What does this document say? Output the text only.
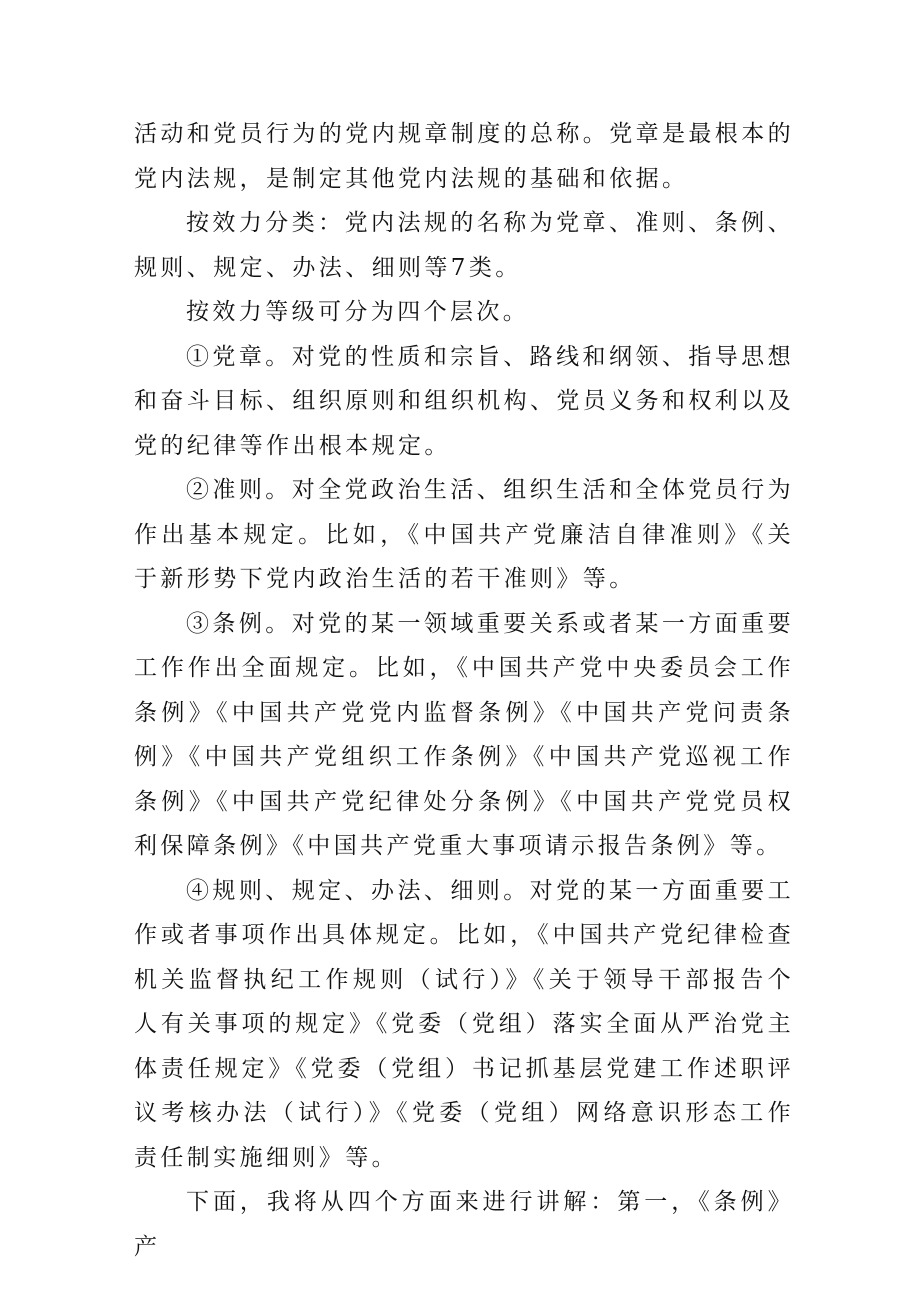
活动和党员行为的党内规章制度的总称。党章是最根本的党内法规，是制定其他党内法规的基础和依据。

按效力分类：党内法规的名称为党章、准则、条例、规则、规定、办法、细则等7类。

按效力等级可分为四个层次。

①党章。对党的性质和宗旨、路线和纲领、指导思想和奋斗目标、组织原则和组织机构、党员义务和权利以及党的纪律等作出根本规定。

②准则。对全党政治生活、组织生活和全体党员行为作出基本规定。比如，《中国共产党廉洁自律准则》《关于新形势下党内政治生活的若干准则》等。

③条例。对党的某一领域重要关系或者某一方面重要工作作出全面规定。比如，《中国共产党中央委员会工作条例》《中国共产党党内监督条例》《中国共产党问责条例》《中国共产党组织工作条例》《中国共产党巡视工作条例》《中国共产党纪律处分条例》《中国共产党党员权利保障条例》《中国共产党重大事项请示报告条例》等。

④规则、规定、办法、细则。对党的某一方面重要工作或者事项作出具体规定。比如，《中国共产党纪律检查机关监督执纪工作规则（试行）》《关于领导干部报告个人有关事项的规定》《党委（党组）落实全面从严治党主体责任规定》《党委（党组）书记抓基层党建工作述职评议考核办法（试行）》《党委（党组）网络意识形态工作责任制实施细则》等。

下面，我将从四个方面来进行讲解：第一，《条例》产
